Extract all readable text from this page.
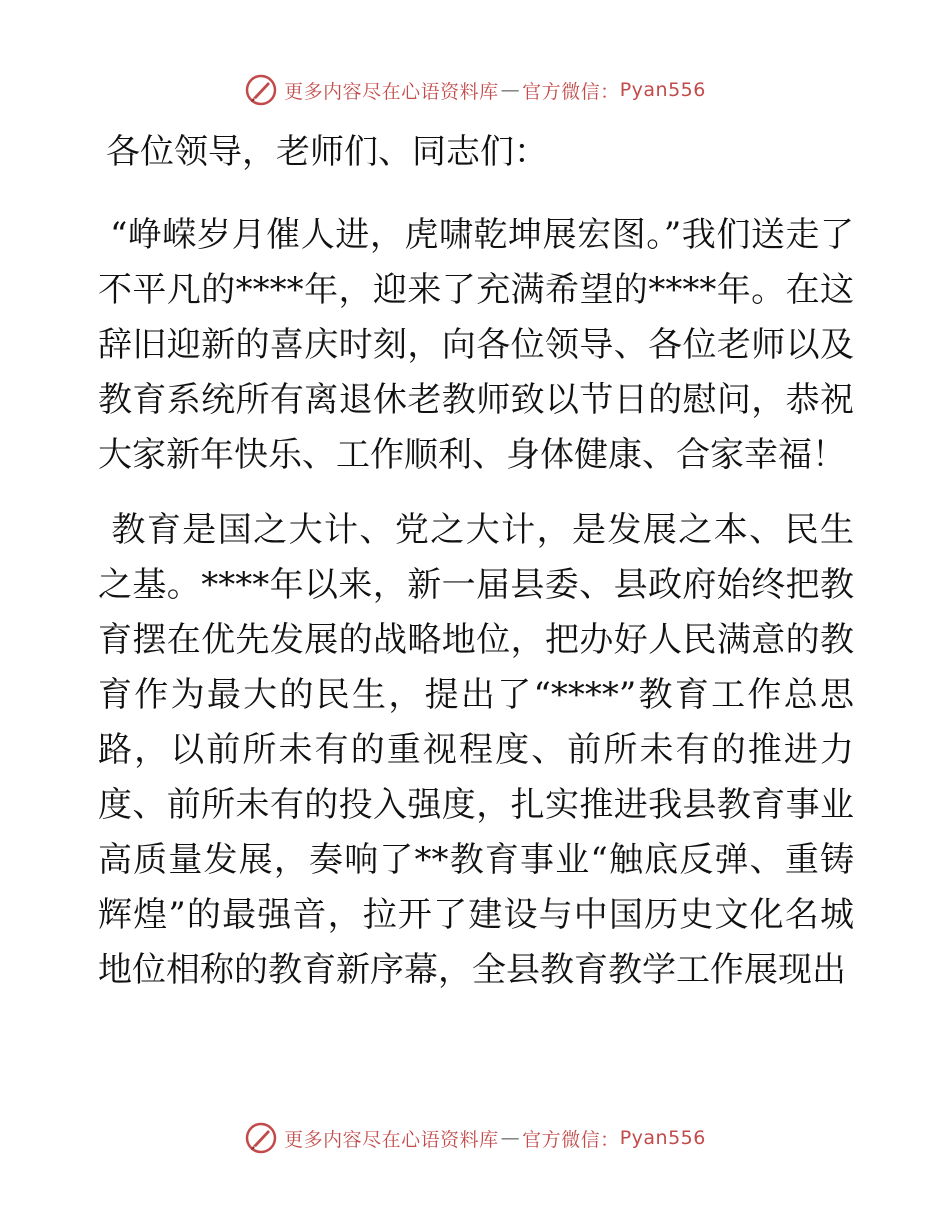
更多内容尽在心语资料库 — 官方微信： Pyan556
各位领导，老师们、同志们：

“峥嵘岁月催人进，虎啸乾坤展宏图。”我们送走了不平凡的****年，迎来了充满希望的****年。在这辞旧迎新的喜庆时刻，向各位领导、各位老师以及教育系统所有离退休老教师致以节日的慰问，恭祝大家新年快乐、工作顺利、身体健康、合家幸福！

教育是国之大计、党之大计，是发展之本、民生之基。****年以来，新一届县委、县政府始终把教育摆在优先发展的战略地位，把办好人民满意的教育作为最大的民生，提出了“****”教育工作总思路，以前所未有的重视程度、前所未有的推进力度、前所未有的投入强度，扎实推进我县教育事业高质量发展，奏响了**教育事业“触底反弹、重铸辉煌”的最强音，拉开了建设与中国历史文化名城地位相称的教育新序幕，全县教育教学工作展现出

更多内容尽在心语资料库 — 官方微信： Pyan556
